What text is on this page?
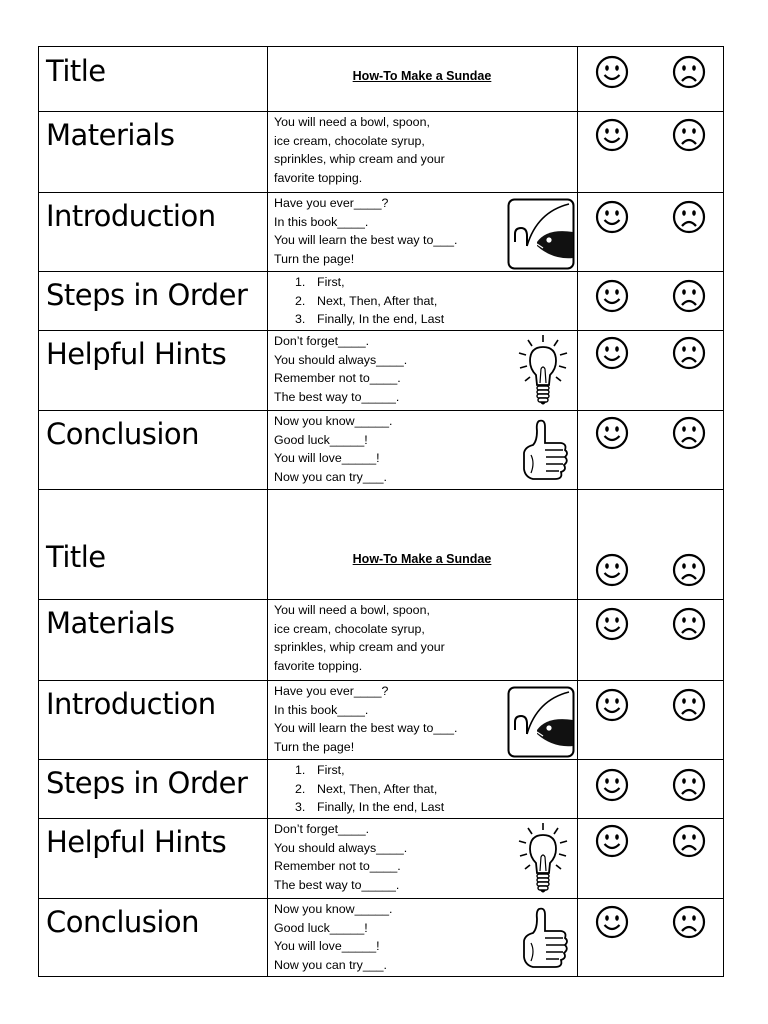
Title	How-To Make a Sundae
Materials	You will need a bowl, spoon,
ice cream, chocolate syrup,
sprinkles, whip cream and your
favorite topping.
Introduction	Have you ever____?
In this book____.
You will learn the best way to___.
Turn the page!
Steps in Order	1. First,
2. Next, Then, After that,
3. Finally, In the end, Last
Helpful Hints	Don’t forget____.
You should always____.
Remember not to____.
The best way to_____.
Conclusion	Now you know_____.
Good luck_____!
You will love_____!
Now you can try___.
Title	How-To Make a Sundae
Materials	You will need a bowl, spoon,
ice cream, chocolate syrup,
sprinkles, whip cream and your
favorite topping.
Introduction	Have you ever____?
In this book____.
You will learn the best way to___.
Turn the page!
Steps in Order	1. First,
2. Next, Then, After that,
3. Finally, In the end, Last
Helpful Hints	Don’t forget____.
You should always____.
Remember not to____.
The best way to_____.
Conclusion	Now you know_____.
Good luck_____!
You will love_____!
Now you can try___.
